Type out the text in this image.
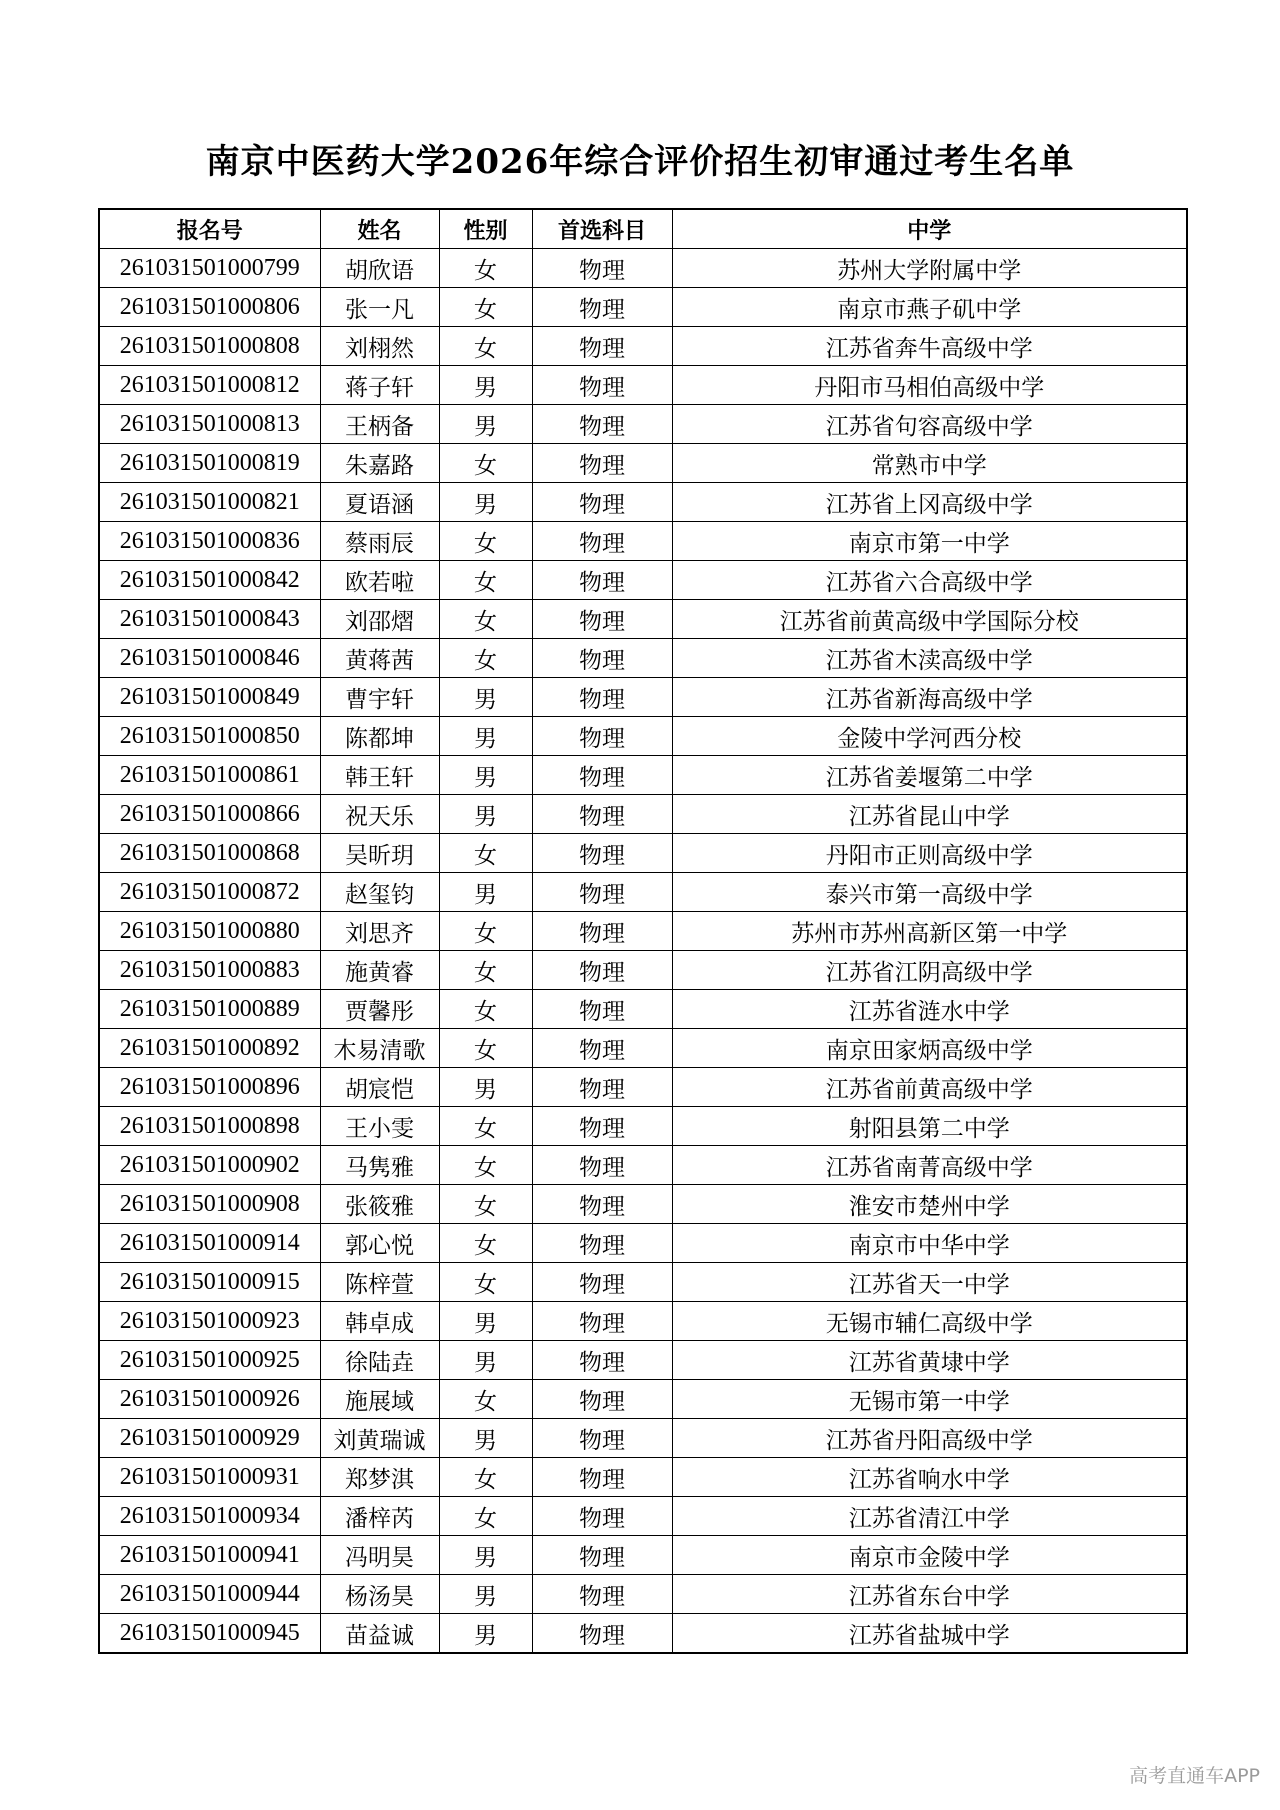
南京中医药大学2026年综合评价招生初审通过考生名单
报名号	姓名	性别	首选科目	中学
261031501000799	胡欣语	女	物理	苏州大学附属中学
261031501000806	张一凡	女	物理	南京市燕子矶中学
261031501000808	刘栩然	女	物理	江苏省奔牛高级中学
261031501000812	蒋子轩	男	物理	丹阳市马相伯高级中学
261031501000813	王柄备	男	物理	江苏省句容高级中学
261031501000819	朱嘉路	女	物理	常熟市中学
261031501000821	夏语涵	男	物理	江苏省上冈高级中学
261031501000836	蔡雨辰	女	物理	南京市第一中学
261031501000842	欧若啦	女	物理	江苏省六合高级中学
261031501000843	刘邵熠	女	物理	江苏省前黄高级中学国际分校
261031501000846	黄蒋茜	女	物理	江苏省木渎高级中学
261031501000849	曹宇轩	男	物理	江苏省新海高级中学
261031501000850	陈都坤	男	物理	金陵中学河西分校
261031501000861	韩王轩	男	物理	江苏省姜堰第二中学
261031501000866	祝天乐	男	物理	江苏省昆山中学
261031501000868	吴昕玥	女	物理	丹阳市正则高级中学
261031501000872	赵玺钧	男	物理	泰兴市第一高级中学
261031501000880	刘思齐	女	物理	苏州市苏州高新区第一中学
261031501000883	施黄睿	女	物理	江苏省江阴高级中学
261031501000889	贾馨彤	女	物理	江苏省涟水中学
261031501000892	木易清歌	女	物理	南京田家炳高级中学
261031501000896	胡宸恺	男	物理	江苏省前黄高级中学
261031501000898	王小雯	女	物理	射阳县第二中学
261031501000902	马隽雅	女	物理	江苏省南菁高级中学
261031501000908	张筱雅	女	物理	淮安市楚州中学
261031501000914	郭心悦	女	物理	南京市中华中学
261031501000915	陈梓萱	女	物理	江苏省天一中学
261031501000923	韩卓成	男	物理	无锡市辅仁高级中学
261031501000925	徐陆垚	男	物理	江苏省黄埭中学
261031501000926	施展域	女	物理	无锡市第一中学
261031501000929	刘黄瑞诚	男	物理	江苏省丹阳高级中学
261031501000931	郑梦淇	女	物理	江苏省响水中学
261031501000934	潘梓芮	女	物理	江苏省清江中学
261031501000941	冯明昊	男	物理	南京市金陵中学
261031501000944	杨汤昊	男	物理	江苏省东台中学
261031501000945	苗益诚	男	物理	江苏省盐城中学
高考直通车APP
